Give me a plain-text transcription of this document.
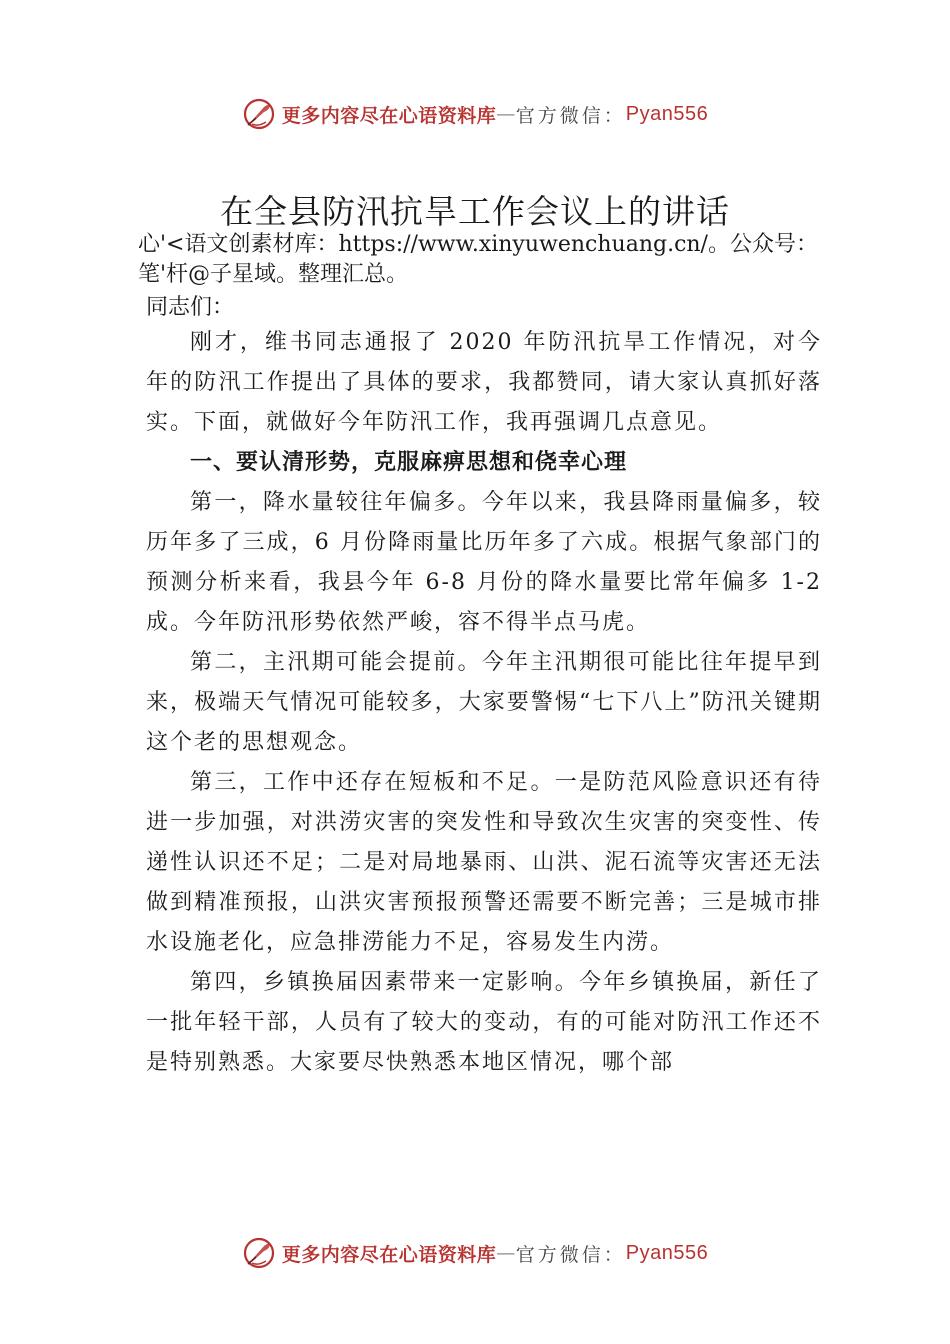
更多内容尽在心语资料库 — 官方微信： Pyan556
在全县防汛抗旱工作会议上的讲话
心'<语文创素材库：https://www.xinyuwenchuang.cn/。公众号：笔'杆@子星域。整理汇总。
同志们：

刚才，维书同志通报了 2020 年防汛抗旱工作情况，对今年的防汛工作提出了具体的要求，我都赞同，请大家认真抓好落实。下面，就做好今年防汛工作，我再强调几点意见。

一、要认清形势，克服麻痹思想和侥幸心理

第一，降水量较往年偏多。今年以来，我县降雨量偏多，较历年多了三成，6 月份降雨量比历年多了六成。根据气象部门的预测分析来看，我县今年 6-8 月份的降水量要比常年偏多 1-2 成。今年防汛形势依然严峻，容不得半点马虎。

第二，主汛期可能会提前。今年主汛期很可能比往年提早到来，极端天气情况可能较多，大家要警惕“七下八上”防汛关键期这个老的思想观念。

第三，工作中还存在短板和不足。一是防范风险意识还有待进一步加强，对洪涝灾害的突发性和导致次生灾害的突变性、传递性认识还不足；二是对局地暴雨、山洪、泥石流等灾害还无法做到精准预报，山洪灾害预报预警还需要不断完善；三是城市排水设施老化，应急排涝能力不足，容易发生内涝。

第四，乡镇换届因素带来一定影响。今年乡镇换届，新任了一批年轻干部，人员有了较大的变动，有的可能对防汛工作还不是特别熟悉。大家要尽快熟悉本地区情况，哪个部

更多内容尽在心语资料库 — 官方微信： Pyan556
